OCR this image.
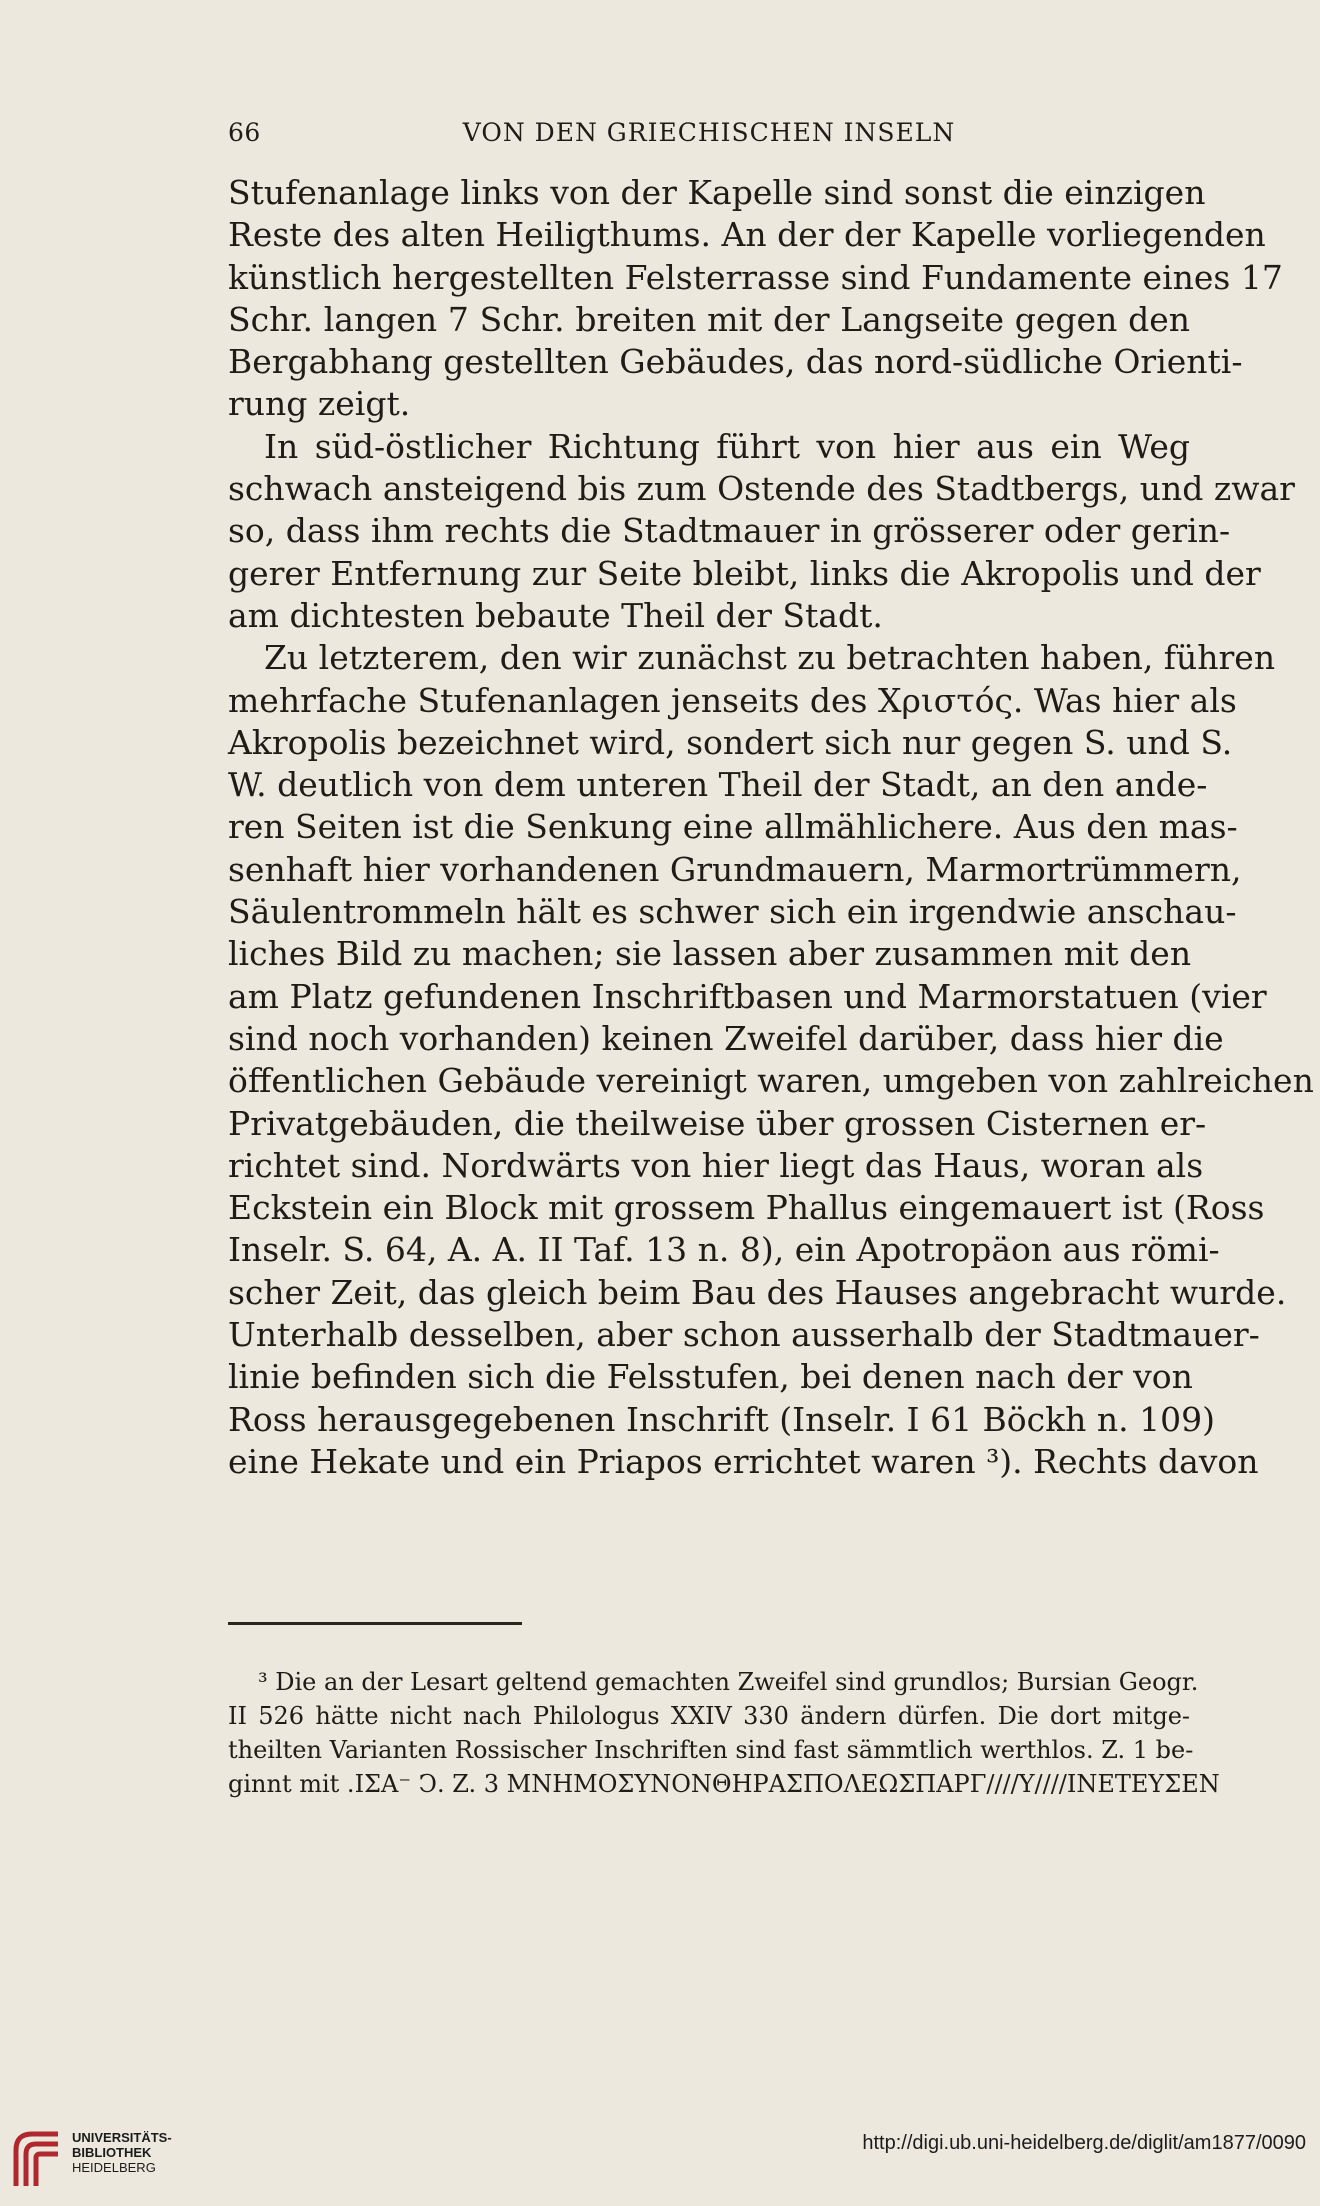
66	VON DEN GRIECHISCHEN INSELN
Stufenanlage links von der Kapelle sind sonst die einzigen
Reste des alten Heiligthums. An der der Kapelle vorliegenden
künstlich hergestellten Felsterrasse sind Fundamente eines 17
Schr. langen 7 Schr. breiten mit der Langseite gegen den
Bergabhang gestellten Gebäudes, das nord-südliche Orienti-
rung zeigt.
In süd-östlicher Richtung führt von hier aus ein Weg
schwach ansteigend bis zum Ostende des Stadtbergs, und zwar
so, dass ihm rechts die Stadtmauer in grösserer oder gerin-
gerer Entfernung zur Seite bleibt, links die Akropolis und der
am dichtesten bebaute Theil der Stadt.
Zu letzterem, den wir zunächst zu betrachten haben, führen
mehrfache Stufenanlagen jenseits des Χριστός. Was hier als
Akropolis bezeichnet wird, sondert sich nur gegen S. und S.
W. deutlich von dem unteren Theil der Stadt, an den ande-
ren Seiten ist die Senkung eine allmählichere. Aus den mas-
senhaft hier vorhandenen Grundmauern, Marmortrümmern,
Säulentrommeln hält es schwer sich ein irgendwie anschau-
liches Bild zu machen; sie lassen aber zusammen mit den
am Platz gefundenen Inschriftbasen und Marmorstatuen (vier
sind noch vorhanden) keinen Zweifel darüber, dass hier die
öffentlichen Gebäude vereinigt waren, umgeben von zahlreichen
Privatgebäuden, die theilweise über grossen Cisternen er-
richtet sind. Nordwärts von hier liegt das Haus, woran als
Eckstein ein Block mit grossem Phallus eingemauert ist (Ross
Inselr. S. 64, A. A. II Taf. 13 n. 8), ein Apotropäon aus römi-
scher Zeit, das gleich beim Bau des Hauses angebracht wurde.
Unterhalb desselben, aber schon ausserhalb der Stadtmauer-
linie befinden sich die Felsstufen, bei denen nach der von
Ross herausgegebenen Inschrift (Inselr. I 61 Böckh n. 109)
eine Hekate und ein Priapos errichtet waren ³). Rechts davon
³ Die an der Lesart geltend gemachten Zweifel sind grundlos; Bursian Geogr.
II 526 hätte nicht nach Philologus XXIV 330 ändern dürfen. Die dort mitge-
theilten Varianten Rossischer Inschriften sind fast sämmtlich werthlos. Z. 1 be-
ginnt mit .ΙΣΑ⁻ Ͻ. Z. 3 ΜΝΗΜΟΣΥΝΟΝΘΗΡΑΣΠΟΛΕΩΣΠΑΡΓ////Υ////ΙΝΕΤΕΥΣΕΝ
UNIVERSITÄTS-
BIBLIOTHEK
HEIDELBERG
http://digi.ub.uni-heidelberg.de/diglit/am1877/0090
